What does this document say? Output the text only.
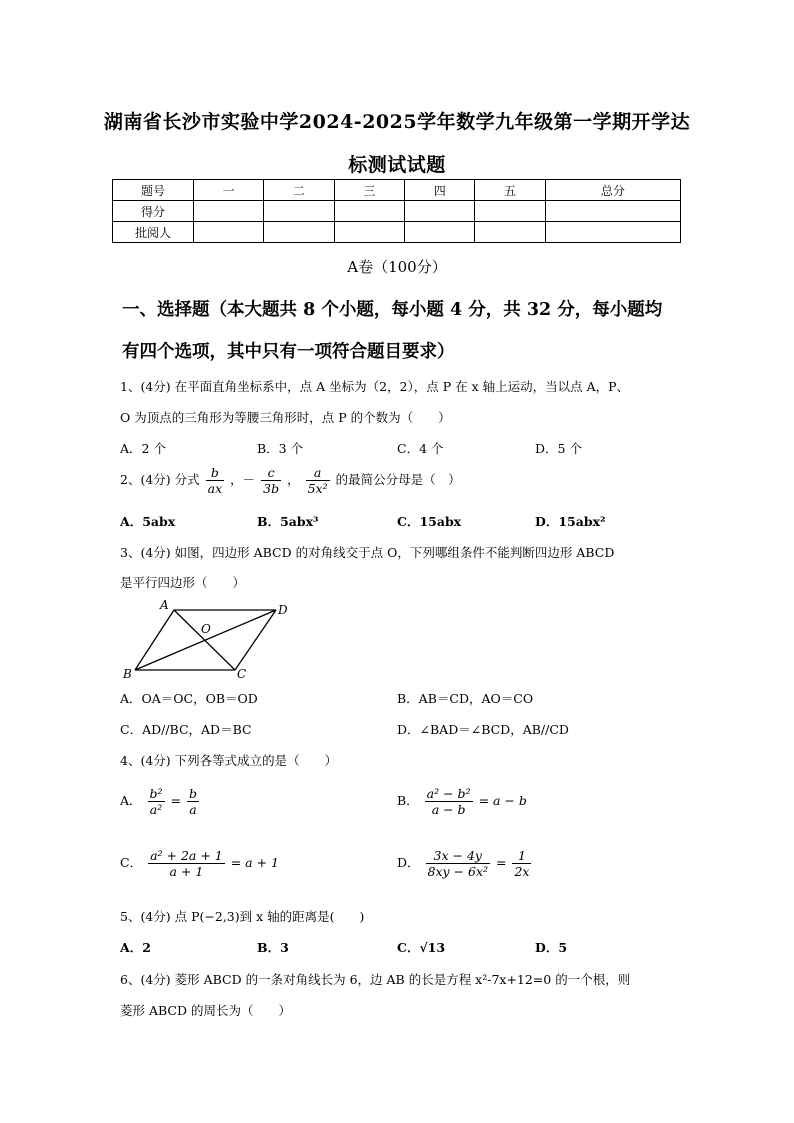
湖南省长沙市实验中学2024-2025学年数学九年级第一学期开学达
标测试试题
题号	一	二	三	四	五	总分
得分						
批阅人						
A卷（100分）
一、选择题（本大题共 8 个小题，每小题 4 分，共 32 分，每小题均
有四个选项，其中只有一项符合题目要求）
1、(4分) 在平面直角坐标系中，点 A 坐标为（2，2），点 P 在 x 轴上运动，当以点 A，P、
O 为顶点的三角形为等腰三角形时，点 P 的个数为（　　）
A．2 个	B．3 个	C．4 个	D．5 个
2、(4分) 分式 $\frac{b}{ax}$ ，－ $\frac{c}{3b}$ ， $\frac{a}{\text{5x²}}$ 的最简公分母是（　）
A．5abx	B．5abx³	C．15abx	D．15abx²
3、(4分) 如图，四边形 ABCD 的对角线交于点 O，下列哪组条件不能判断四边形 ABCD
是平行四边形（　　）
A	D
B	C
O
A．OA＝OC，OB＝OD	B．AB＝CD，AO＝CO
C．AD//BC，AD＝BC	D．∠BAD＝∠BCD，AB//CD
4、(4分) 下列各等式成立的是（　　）
A． $\frac{\text{b²}}{\text{a²}} = \frac{b}{a}$	B． $\frac{\text{a² − b²}}{a - b} = a - b$
C． $\frac{\text{a² + 2a + 1}}{a + 1} = a + 1$	D． $\frac{3x - 4y}{\text{8xy − 6x²}} = \frac{1}{2x}$
5、(4分) 点 P(−2,3)到 x 轴的距离是(　　)
A．2	B．3	C．√13	D．5
6、(4分) 菱形 ABCD 的一条对角线长为 6，边 AB 的长是方程 x²-7x+12=0 的一个根，则
菱形 ABCD 的周长为（　　）
